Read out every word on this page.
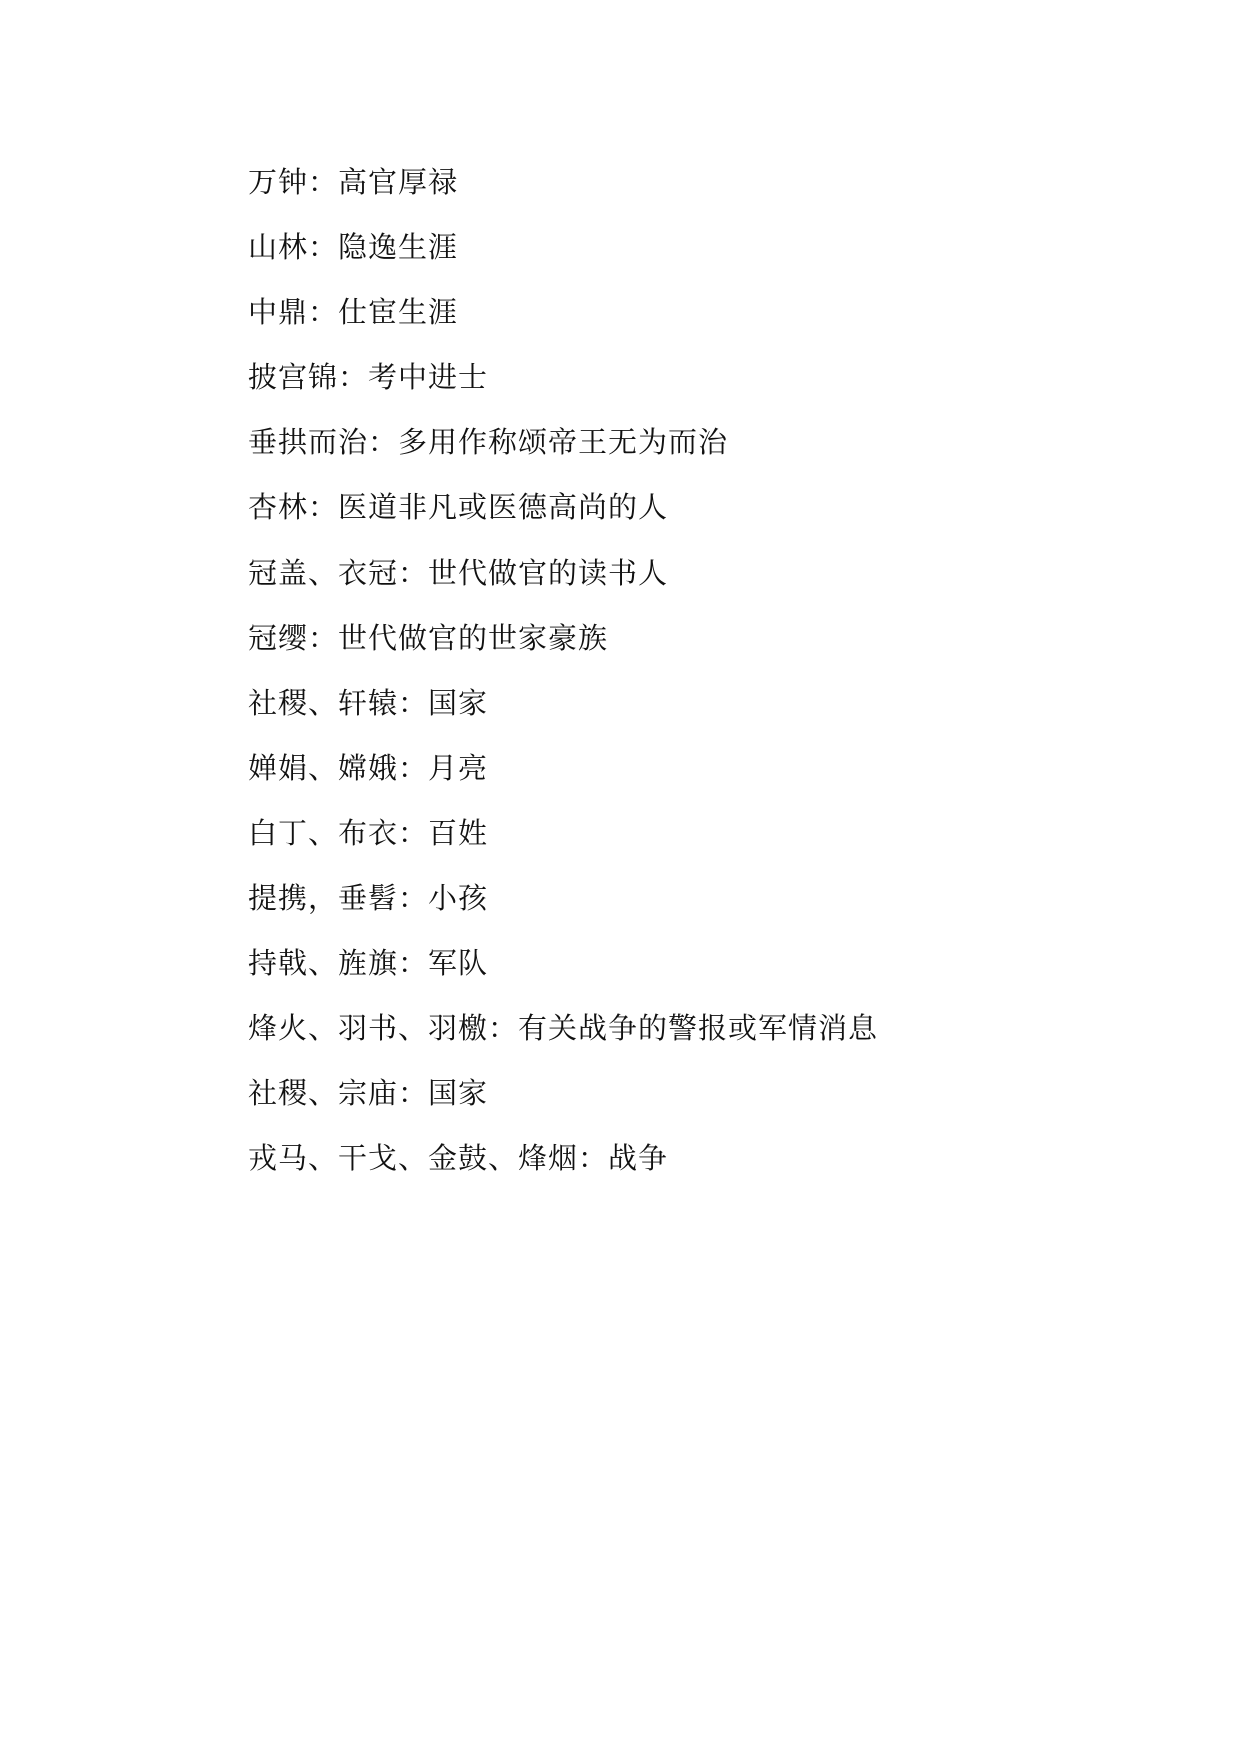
万钟：高官厚禄
山林：隐逸生涯
中鼎：仕宦生涯
披宫锦：考中进士
垂拱而治：多用作称颂帝王无为而治
杏林：医道非凡或医德高尚的人
冠盖、衣冠：世代做官的读书人
冠缨：世代做官的世家豪族
社稷、轩辕：国家
婵娟、嫦娥：月亮
白丁、布衣：百姓
提携，垂髫：小孩
持戟、旌旗：军队
烽火、羽书、羽檄：有关战争的警报或军情消息
社稷、宗庙：国家
戎马、干戈、金鼓、烽烟：战争
